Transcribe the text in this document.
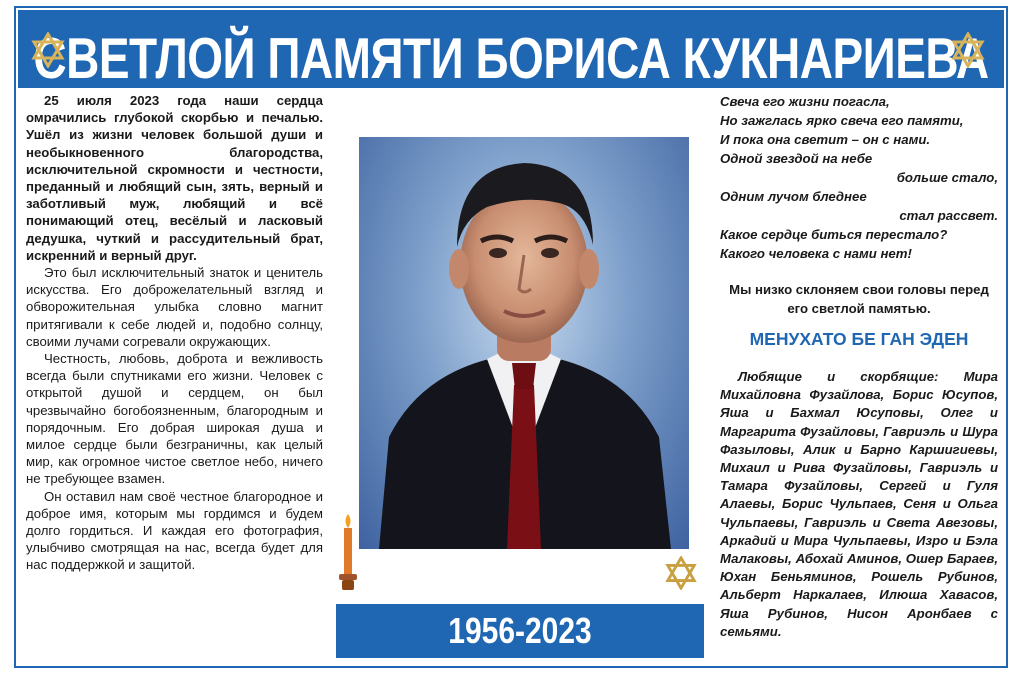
СВЕТЛОЙ ПАМЯТИ БОРИСА КУКНАРИЕВА

25 июля 2023 года наши сердца омрачились глубокой скорбью и печалью. Ушёл из жизни человек большой души и необыкновенного благородства, исключительной скромности и честности, преданный и любящий сын, зять, верный и заботливый муж, любящий и всё понимающий отец, весёлый и ласковый дедушка, чуткий и рассудительный брат, искренний и верный друг.

Это был исключительный знаток и ценитель искусства. Его доброжелательный взгляд и обворожительная улыбка словно магнит притягивали к себе людей и, подобно солнцу, своими лучами согревали окружающих.

Честность, любовь, доброта и вежливость всегда были спутниками его жизни. Человек с открытой душой и сердцем, он был чрезвычайно богобоязненным, благородным и порядочным. Его добрая широкая душа и милое сердце были безграничны, как целый мир, как огромное чистое светлое небо, ничего не требующее взамен.

Он оставил нам своё честное благородное и доброе имя, которым мы гордимся и будем долго гордиться. И каждая его фотография, улыбчиво смотрящая на нас, всегда будет для нас поддержкой и защитой.

1956-2023
Свеча его жизни погасла,
Но зажглась ярко свеча его памяти,
И пока она светит – он с нами.
Одной звездой на небе
больше стало,
Одним лучом бледнее
стал рассвет.
Какое сердце биться перестало?
Какого человека с нами нет!
Мы низко склоняем свои головы перед его светлой памятью.
МЕНУХАТО БЕ ГАН ЭДЕН
Любящие и скорбящие: Мира Михайловна Фузайлова, Борис Юсупов, Яша и Бахмал Юсуповы, Олег и Маргарита Фузайловы, Гавриэль и Шура Фазыловы, Алик и Барно Каршигиевы, Михаил и Рива Фузайловы, Гавриэль и Тамара Фузайловы, Сергей и Гуля Алаевы, Борис Чульпаев, Сеня и Ольга Чульпаевы, Гавриэль и Света Авезовы, Аркадий и Мира Чульпаевы, Изро и Бэла Малаковы, Абохай Аминов, Ошер Бараев, Юхан Беньяминов, Рошель Рубинов, Альберт Наркалаев, Илюша Хавасов, Яша Рубинов, Нисон Аронбаев с семьями.
